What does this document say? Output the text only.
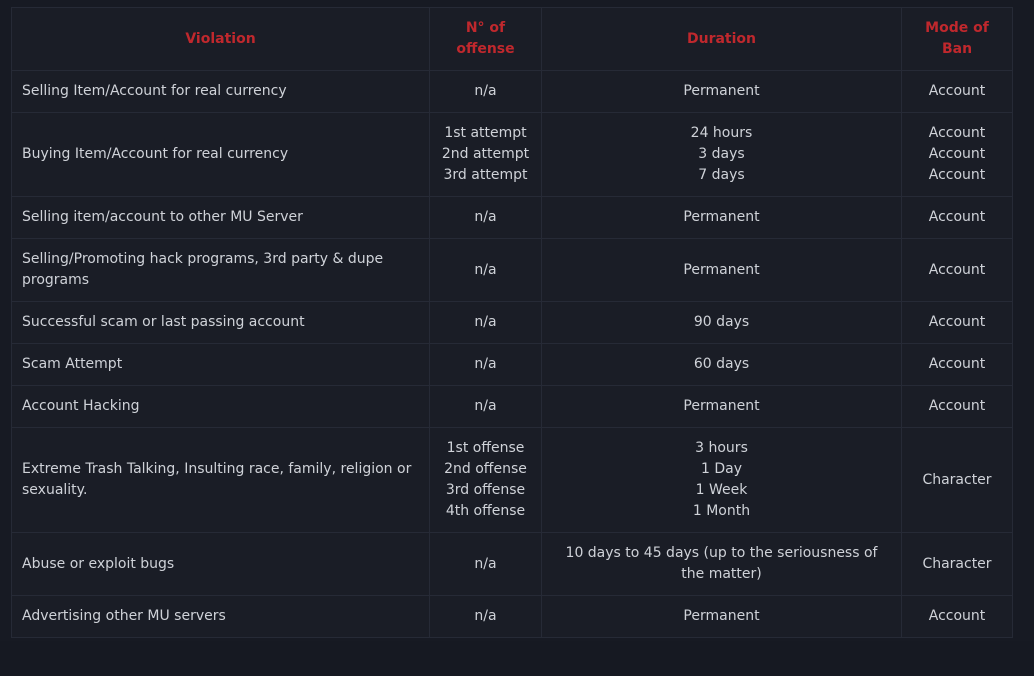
Violation	N° of offense	Duration	Mode of Ban
Selling Item/Account for real currency	n/a	Permanent	Account

Buying Item/Account for real currency	1st attempt
2nd attempt
3rd attempt	24 hours
3 days
7 days	Account
Account
Account

Selling item/account to other MU Server	n/a	Permanent	Account

Selling/Promoting hack programs, 3rd party & dupe programs	n/a	Permanent	Account

Successful scam or last passing account	n/a	90 days	Account

Scam Attempt	n/a	60 days	Account

Account Hacking	n/a	Permanent	Account

Extreme Trash Talking, Insulting race, family, religion or sexuality.	1st offense
2nd offense
3rd offense
4th offense	3 hours
1 Day
1 Week
1 Month	Character

Abuse or exploit bugs	n/a	10 days to 45 days (up to the seriousness of the matter)	Character

Advertising other MU servers	n/a	Permanent	Account
